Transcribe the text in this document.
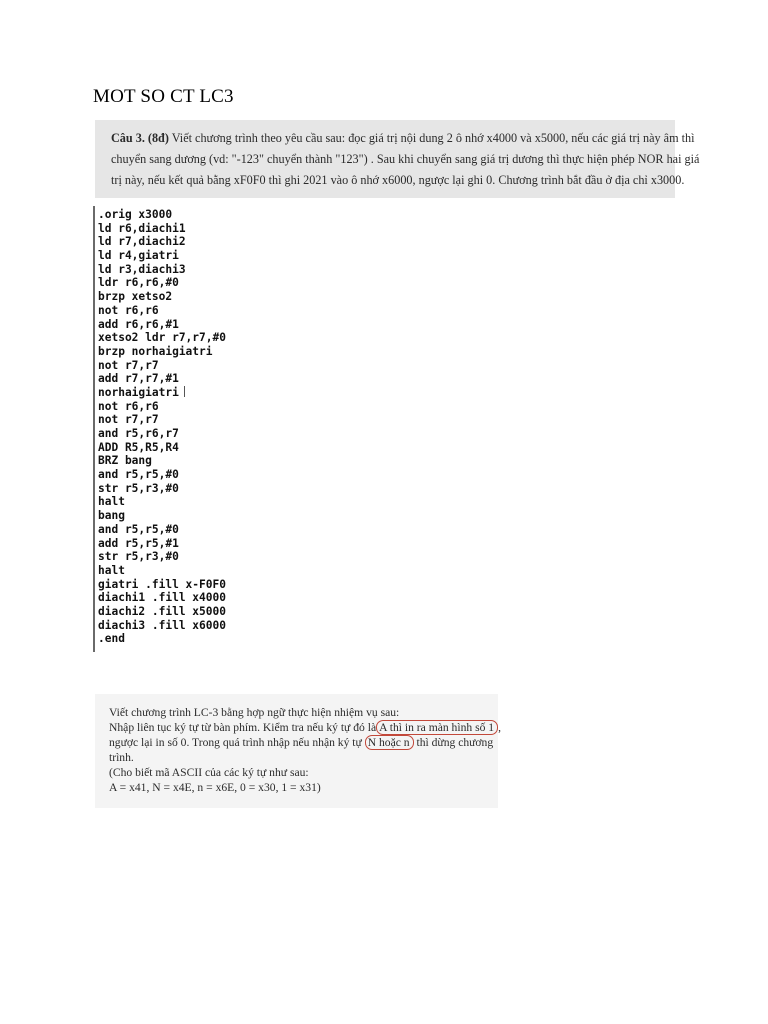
MOT SO CT LC3
Câu 3. (8đ) Viết chương trình theo yêu cầu sau: đọc giá trị nội dung 2 ô nhớ x4000 và x5000, nếu các giá trị này âm thì
chuyển sang dương (vd: "-123" chuyển thành "123") . Sau khi chuyển sang giá trị dương thì thực hiện phép NOR hai giá
trị này, nếu kết quả bằng xF0F0 thì ghi 2021 vào ô nhớ x6000, ngược lại ghi 0. Chương trình bắt đầu ở địa chỉ x3000.
.orig x3000
ld r6,diachi1
ld r7,diachi2
ld r4,giatri
ld r3,diachi3
ldr r6,r6,#0
brzp xetso2
not r6,r6
add r6,r6,#1
xetso2 ldr r7,r7,#0
brzp norhaigiatri
not r7,r7
add r7,r7,#1
norhaigiatri
not r6,r6
not r7,r7
and r5,r6,r7
ADD R5,R5,R4
BRZ bang
and r5,r5,#0
str r5,r3,#0
halt
bang
and r5,r5,#0
add r5,r5,#1
str r5,r3,#0
halt
giatri .fill x-F0F0
diachi1 .fill x4000
diachi2 .fill x5000
diachi3 .fill x6000
.end
Viết chương trình LC-3 bằng hợp ngữ thực hiện nhiệm vụ sau:
Nhập liên tục ký tự từ bàn phím. Kiểm tra nếu ký tự đó là A thì in ra màn hình số 1 ,
ngược lại in số 0. Trong quá trình nhập nếu nhận ký tự N hoặc n thì dừng chương
trình.
(Cho biết mã ASCII của các ký tự như sau:
A = x41, N = x4E, n = x6E, 0 = x30, 1 = x31)
